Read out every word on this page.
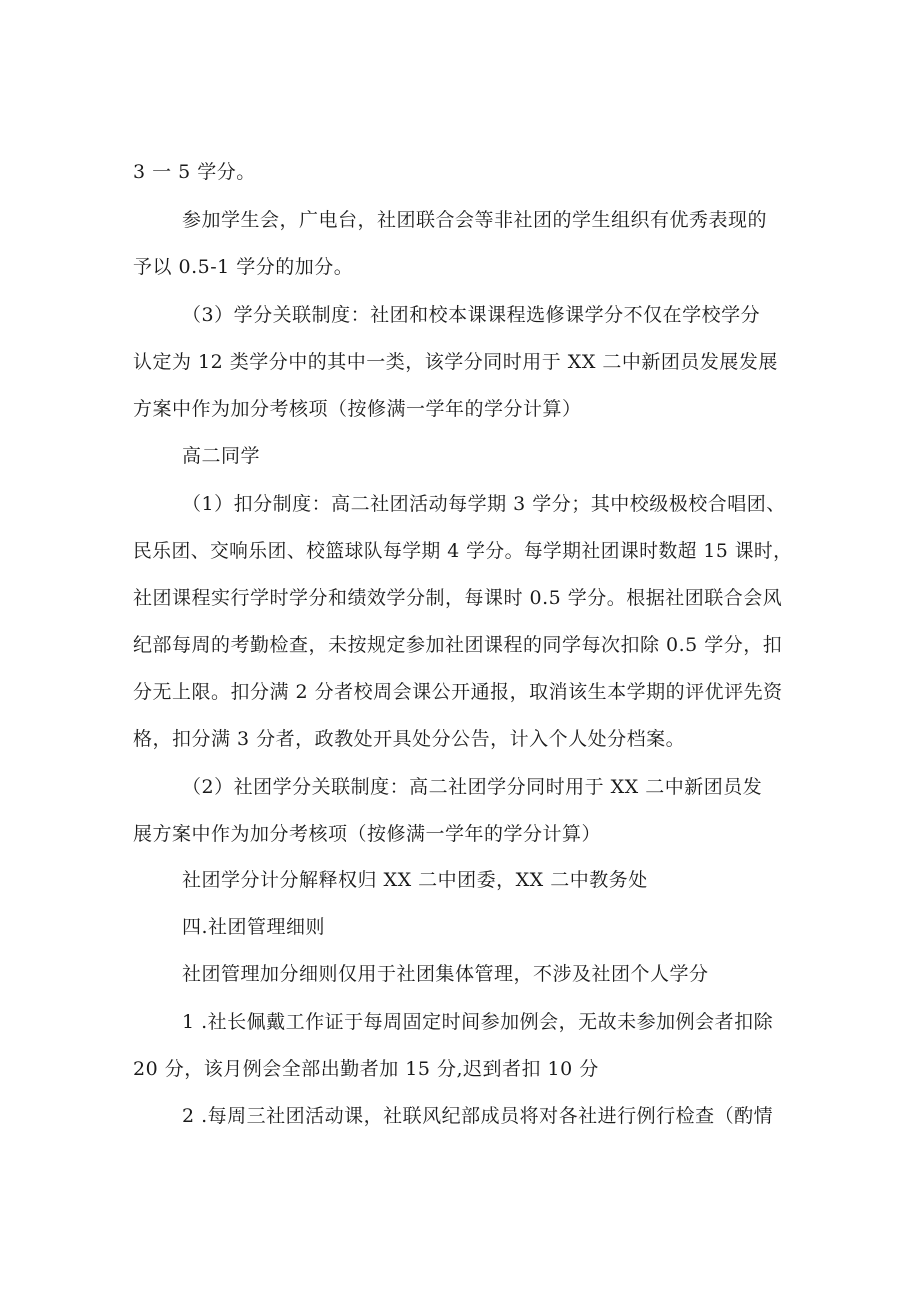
3 一 5 学分。
参加学生会，广电台，社团联合会等非社团的学生组织有优秀表现的
予以 0.5-1 学分的加分。
（3）学分关联制度：社团和校本课课程选修课学分不仅在学校学分
认定为 12 类学分中的其中一类，该学分同时用于 XX 二中新团员发展发展
方案中作为加分考核项（按修满一学年的学分计算）
高二同学
（1）扣分制度：高二社团活动每学期 3 学分；其中校级极校合唱团、
民乐团、交响乐团、校篮球队每学期 4 学分。每学期社团课时数超 15 课时，
社团课程实行学时学分和绩效学分制，每课时 0.5 学分。根据社团联合会风
纪部每周的考勤检查，未按规定参加社团课程的同学每次扣除 0.5 学分，扣
分无上限。扣分满 2 分者校周会课公开通报，取消该生本学期的评优评先资
格，扣分满 3 分者，政教处开具处分公告，计入个人处分档案。
（2）社团学分关联制度：高二社团学分同时用于 XX 二中新团员发
展方案中作为加分考核项（按修满一学年的学分计算）
社团学分计分解释权归 XX 二中团委，XX 二中教务处
四.社团管理细则
社团管理加分细则仅用于社团集体管理，不涉及社团个人学分
1 .社长佩戴工作证于每周固定时间参加例会，无故未参加例会者扣除
20 分，该月例会全部出勤者加 15 分,迟到者扣 10 分
2 .每周三社团活动课，社联风纪部成员将对各社进行例行检查（酌情
